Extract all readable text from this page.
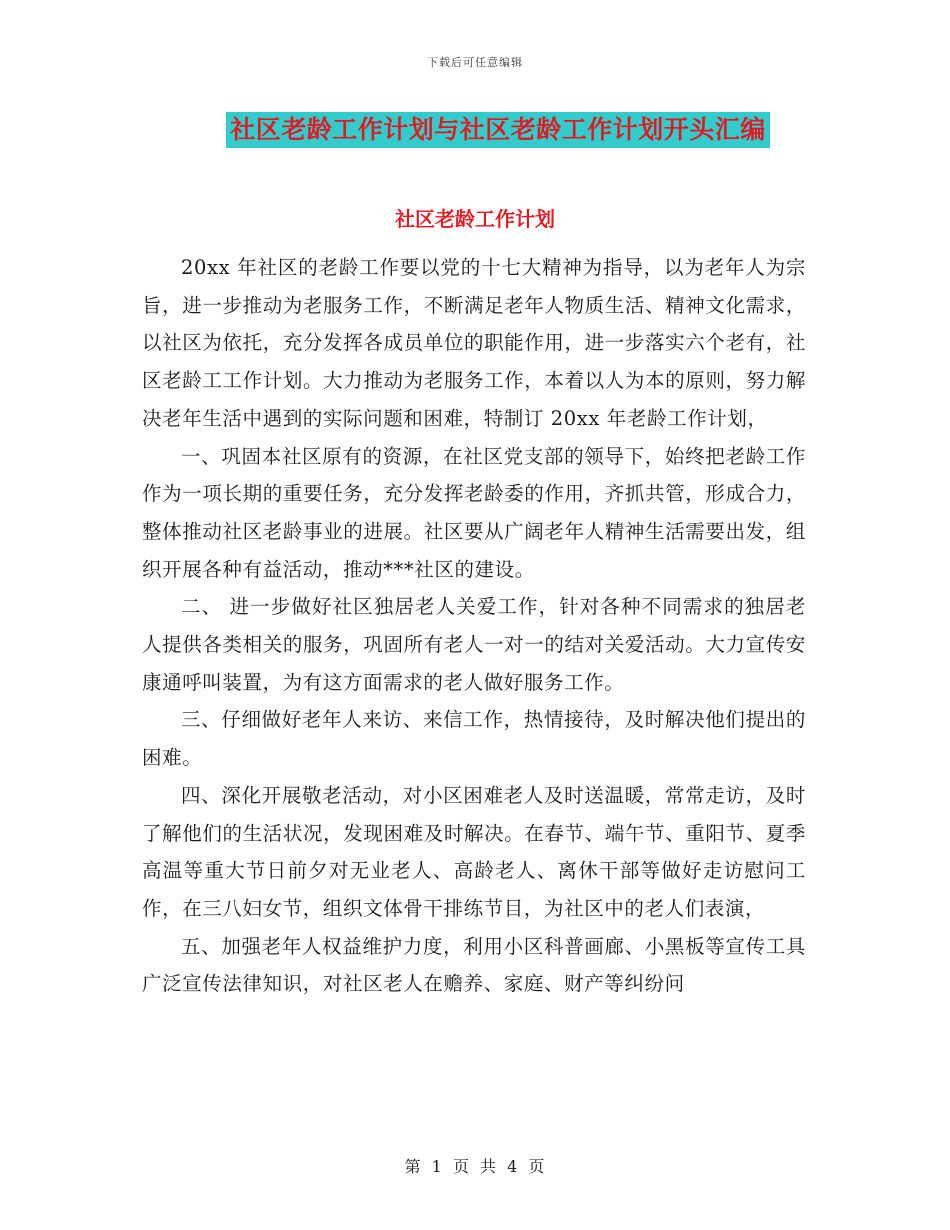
下载后可任意编辑
社区老龄工作计划与社区老龄工作计划开头汇编
社区老龄工作计划

20xx 年社区的老龄工作要以党的十七大精神为指导，以为老年人为宗旨，进一步推动为老服务工作，不断满足老年人物质生活、精神文化需求，以社区为依托，充分发挥各成员单位的职能作用，进一步落实六个老有，社区老龄工工作计划。大力推动为老服务工作，本着以人为本的原则，努力解决老年生活中遇到的实际问题和困难，特制订 20xx 年老龄工作计划，

一、巩固本社区原有的资源，在社区党支部的领导下，始终把老龄工作作为一项长期的重要任务，充分发挥老龄委的作用，齐抓共管，形成合力，整体推动社区老龄事业的进展。社区要从广阔老年人精神生活需要出发，组织开展各种有益活动，推动***社区的建设。

二、 进一步做好社区独居老人关爱工作，针对各种不同需求的独居老人提供各类相关的服务，巩固所有老人一对一的结对关爱活动。大力宣传安康通呼叫装置，为有这方面需求的老人做好服务工作。

三、仔细做好老年人来访、来信工作，热情接待，及时解决他们提出的困难。

四、深化开展敬老活动，对小区困难老人及时送温暖，常常走访，及时了解他们的生活状况，发现困难及时解决。在春节、端午节、重阳节、夏季高温等重大节日前夕对无业老人、高龄老人、离休干部等做好走访慰问工作，在三八妇女节，组织文体骨干排练节目，为社区中的老人们表演，

五、加强老年人权益维护力度，利用小区科普画廊、小黑板等宣传工具广泛宣传法律知识，对社区老人在赡养、家庭、财产等纠纷问

第 1 页 共 4 页
